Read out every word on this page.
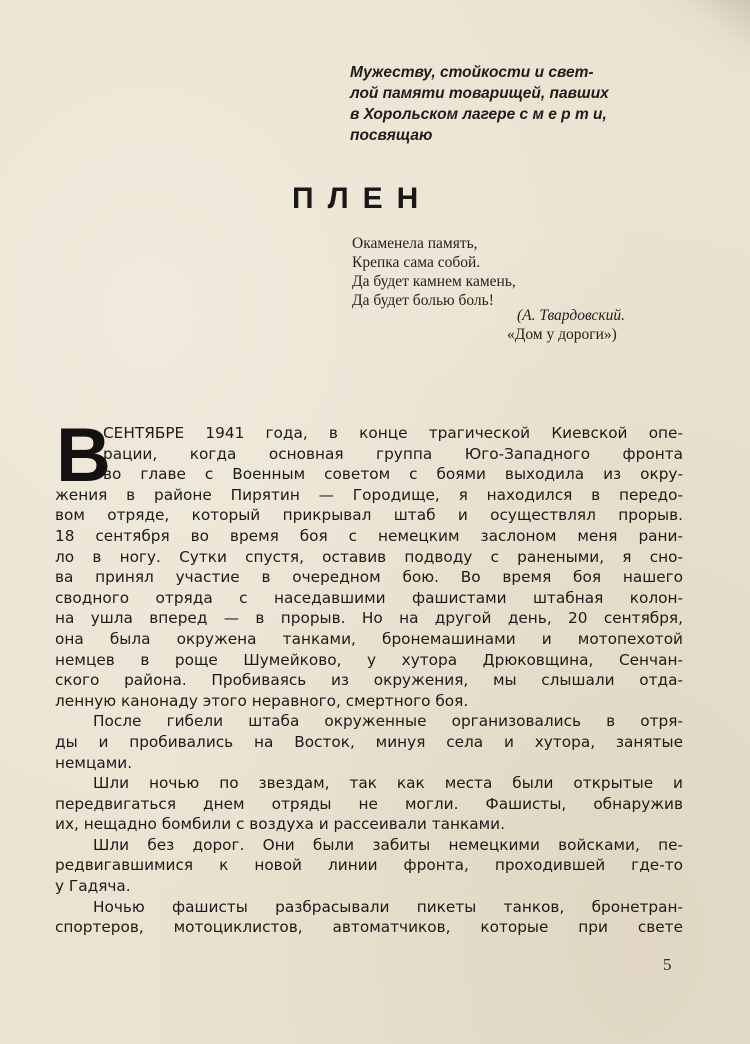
Мужеству, стойкости и свет-
лой памяти товарищей, павших
в Хорольском лагере с м е р т и,
посвящаю
ПЛЕН
Окаменела память,
Крепка сама собой.
Да будет камнем камень,
Да будет болью боль!
(А. Твардовский.
«Дом у дороги»)
В
СЕНТЯБРЕ 1941 года, в конце трагической Киевской опе-
рации, когда основная группа Юго-Западного фронта
во главе с Военным советом с боями выходила из окру-
жения в районе Пирятин — Городище, я находился в передо-
вом отряде, который прикрывал штаб и осуществлял прорыв.
18 сентября во время боя с немецким заслоном меня рани-
ло в ногу. Сутки спустя, оставив подводу с ранеными, я сно-
ва принял участие в очередном бою. Во время боя нашего
сводного отряда с наседавшими фашистами штабная колон-
на ушла вперед — в прорыв. Но на другой день, 20 сентября,
она была окружена танками, бронемашинами и мотопехотой
немцев в роще Шумейково, у хутора Дрюковщина, Сенчан-
ского района. Пробиваясь из окружения, мы слышали отда-
ленную канонаду этого неравного, смертного боя.
После гибели штаба окруженные организовались в отря-
ды и пробивались на Восток, минуя села и хутора, занятые
немцами.
Шли ночью по звездам, так как места были открытые и
передвигаться днем отряды не могли. Фашисты, обнаружив
их, нещадно бомбили с воздуха и рассеивали танками.
Шли без дорог. Они были забиты немецкими войсками, пе-
редвигавшимися к новой линии фронта, проходившей где-то
у Гадяча.
Ночью фашисты разбрасывали пикеты танков, бронетран-
спортеров, мотоциклистов, автоматчиков, которые при свете
5
